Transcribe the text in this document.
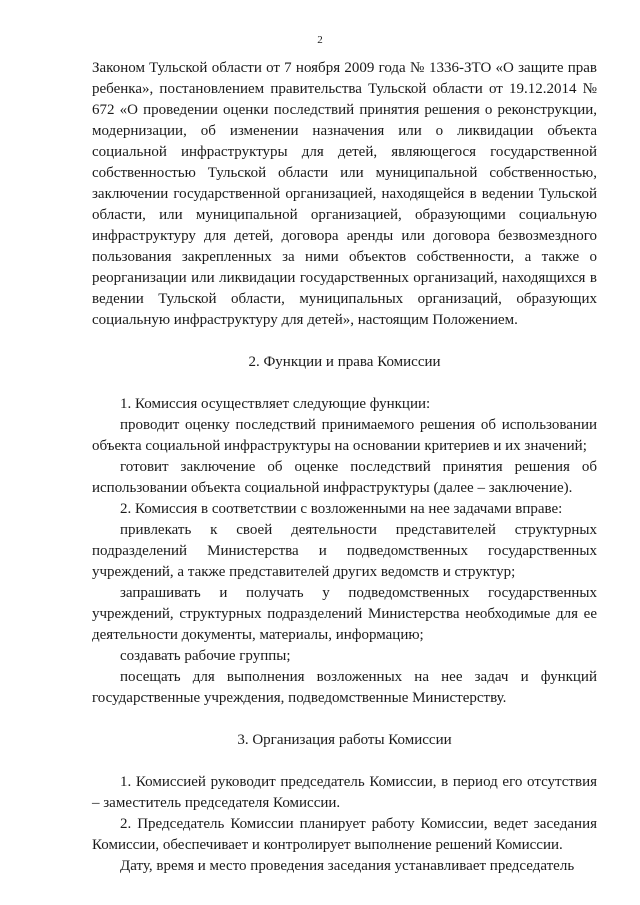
2

Законом Тульской области от 7 ноября 2009 года № 1336-ЗТО «О защите прав ребенка», постановлением правительства Тульской области от 19.12.2014 № 672 «О проведении оценки последствий принятия решения о реконструкции, модернизации, об изменении назначения или о ликвидации объекта социальной инфраструктуры для детей, являющегося государственной собственностью Тульской области или муниципальной собственностью, заключении государственной организацией, находящейся в ведении Тульской области, или муниципальной организацией, образующими социальную инфраструктуру для детей, договора аренды или договора безвозмездного пользования закрепленных за ними объектов собственности, а также о реорганизации или ликвидации государственных организаций, находящихся в ведении Тульской области, муниципальных организаций, образующих социальную инфраструктуру для детей», настоящим Положением.

2. Функции и права Комиссии

1. Комиссия осуществляет следующие функции:

проводит оценку последствий принимаемого решения об использовании объекта социальной инфраструктуры на основании критериев и их значений;

готовит заключение об оценке последствий принятия решения об использовании объекта социальной инфраструктуры (далее – заключение).

2. Комиссия в соответствии с возложенными на нее задачами вправе:

привлекать к своей деятельности представителей структурных подразделений Министерства и подведомственных государственных учреждений, а также представителей других ведомств и структур;

запрашивать и получать у подведомственных государственных учреждений, структурных подразделений Министерства необходимые для ее деятельности документы, материалы, информацию;

создавать рабочие группы;

посещать для выполнения возложенных на нее задач и функций государственные учреждения, подведомственные Министерству.

3. Организация работы Комиссии

1. Комиссией руководит председатель Комиссии, в период его отсутствия – заместитель председателя Комиссии.

2. Председатель Комиссии планирует работу Комиссии, ведет заседания Комиссии, обеспечивает и контролирует выполнение решений Комиссии.

Дату, время и место проведения заседания устанавливает председатель
